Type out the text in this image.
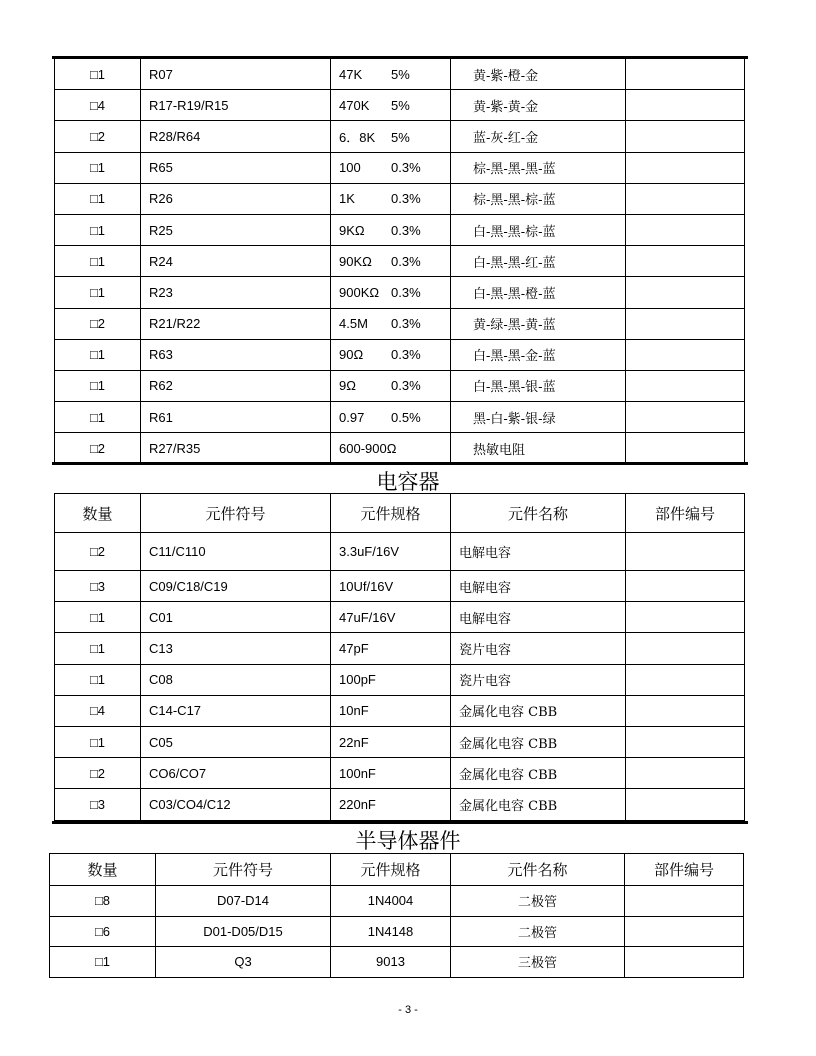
□1	R07	47K 5%	黄-紫-橙-金	
□4	R17-R19/R15	470K 5%	黄-紫-黄-金	
□2	R28/R64	6．8K 5%	蓝-灰-红-金	
□1	R65	100 0.3%	棕-黑-黑-黑-蓝	
□1	R26	1K 0.3%	棕-黑-黑-棕-蓝	
□1	R25	9KΩ 0.3%	白-黑-黑-棕-蓝	
□1	R24	90KΩ 0.3%	白-黑-黑-红-蓝	
□1	R23	900KΩ 0.3%	白-黑-黑-橙-蓝	
□2	R21/R22	4.5M 0.3%	黄-绿-黑-黄-蓝	
□1	R63	90Ω 0.3%	白-黑-黑-金-蓝	
□1	R62	9Ω 0.3%	白-黑-黑-银-蓝	
□1	R61	0.97 0.5%	黑-白-紫-银-绿	
□2	R27/R35	600-900Ω	热敏电阻	
电容器
数量	元件符号	元件规格	元件名称	部件编号
□2	C11/C110	3.3uF/16V	电解电容	
□3	C09/C18/C19	10Uf/16V	电解电容	
□1	C01	47uF/16V	电解电容	
□1	C13	47pF	瓷片电容	
□1	C08	100pF	瓷片电容	
□4	C14-C17	10nF	金属化电容 CBB	
□1	C05	22nF	金属化电容 CBB	
□2	CO6/CO7	100nF	金属化电容 CBB	
□3	C03/CO4/C12	220nF	金属化电容 CBB	
半导体器件
数量	元件符号	元件规格	元件名称	部件编号
□8	D07-D14	1N4004	二极管	
□6	D01-D05/D15	1N4148	二极管	
□1	Q3	9013	三极管	
- 3 -
